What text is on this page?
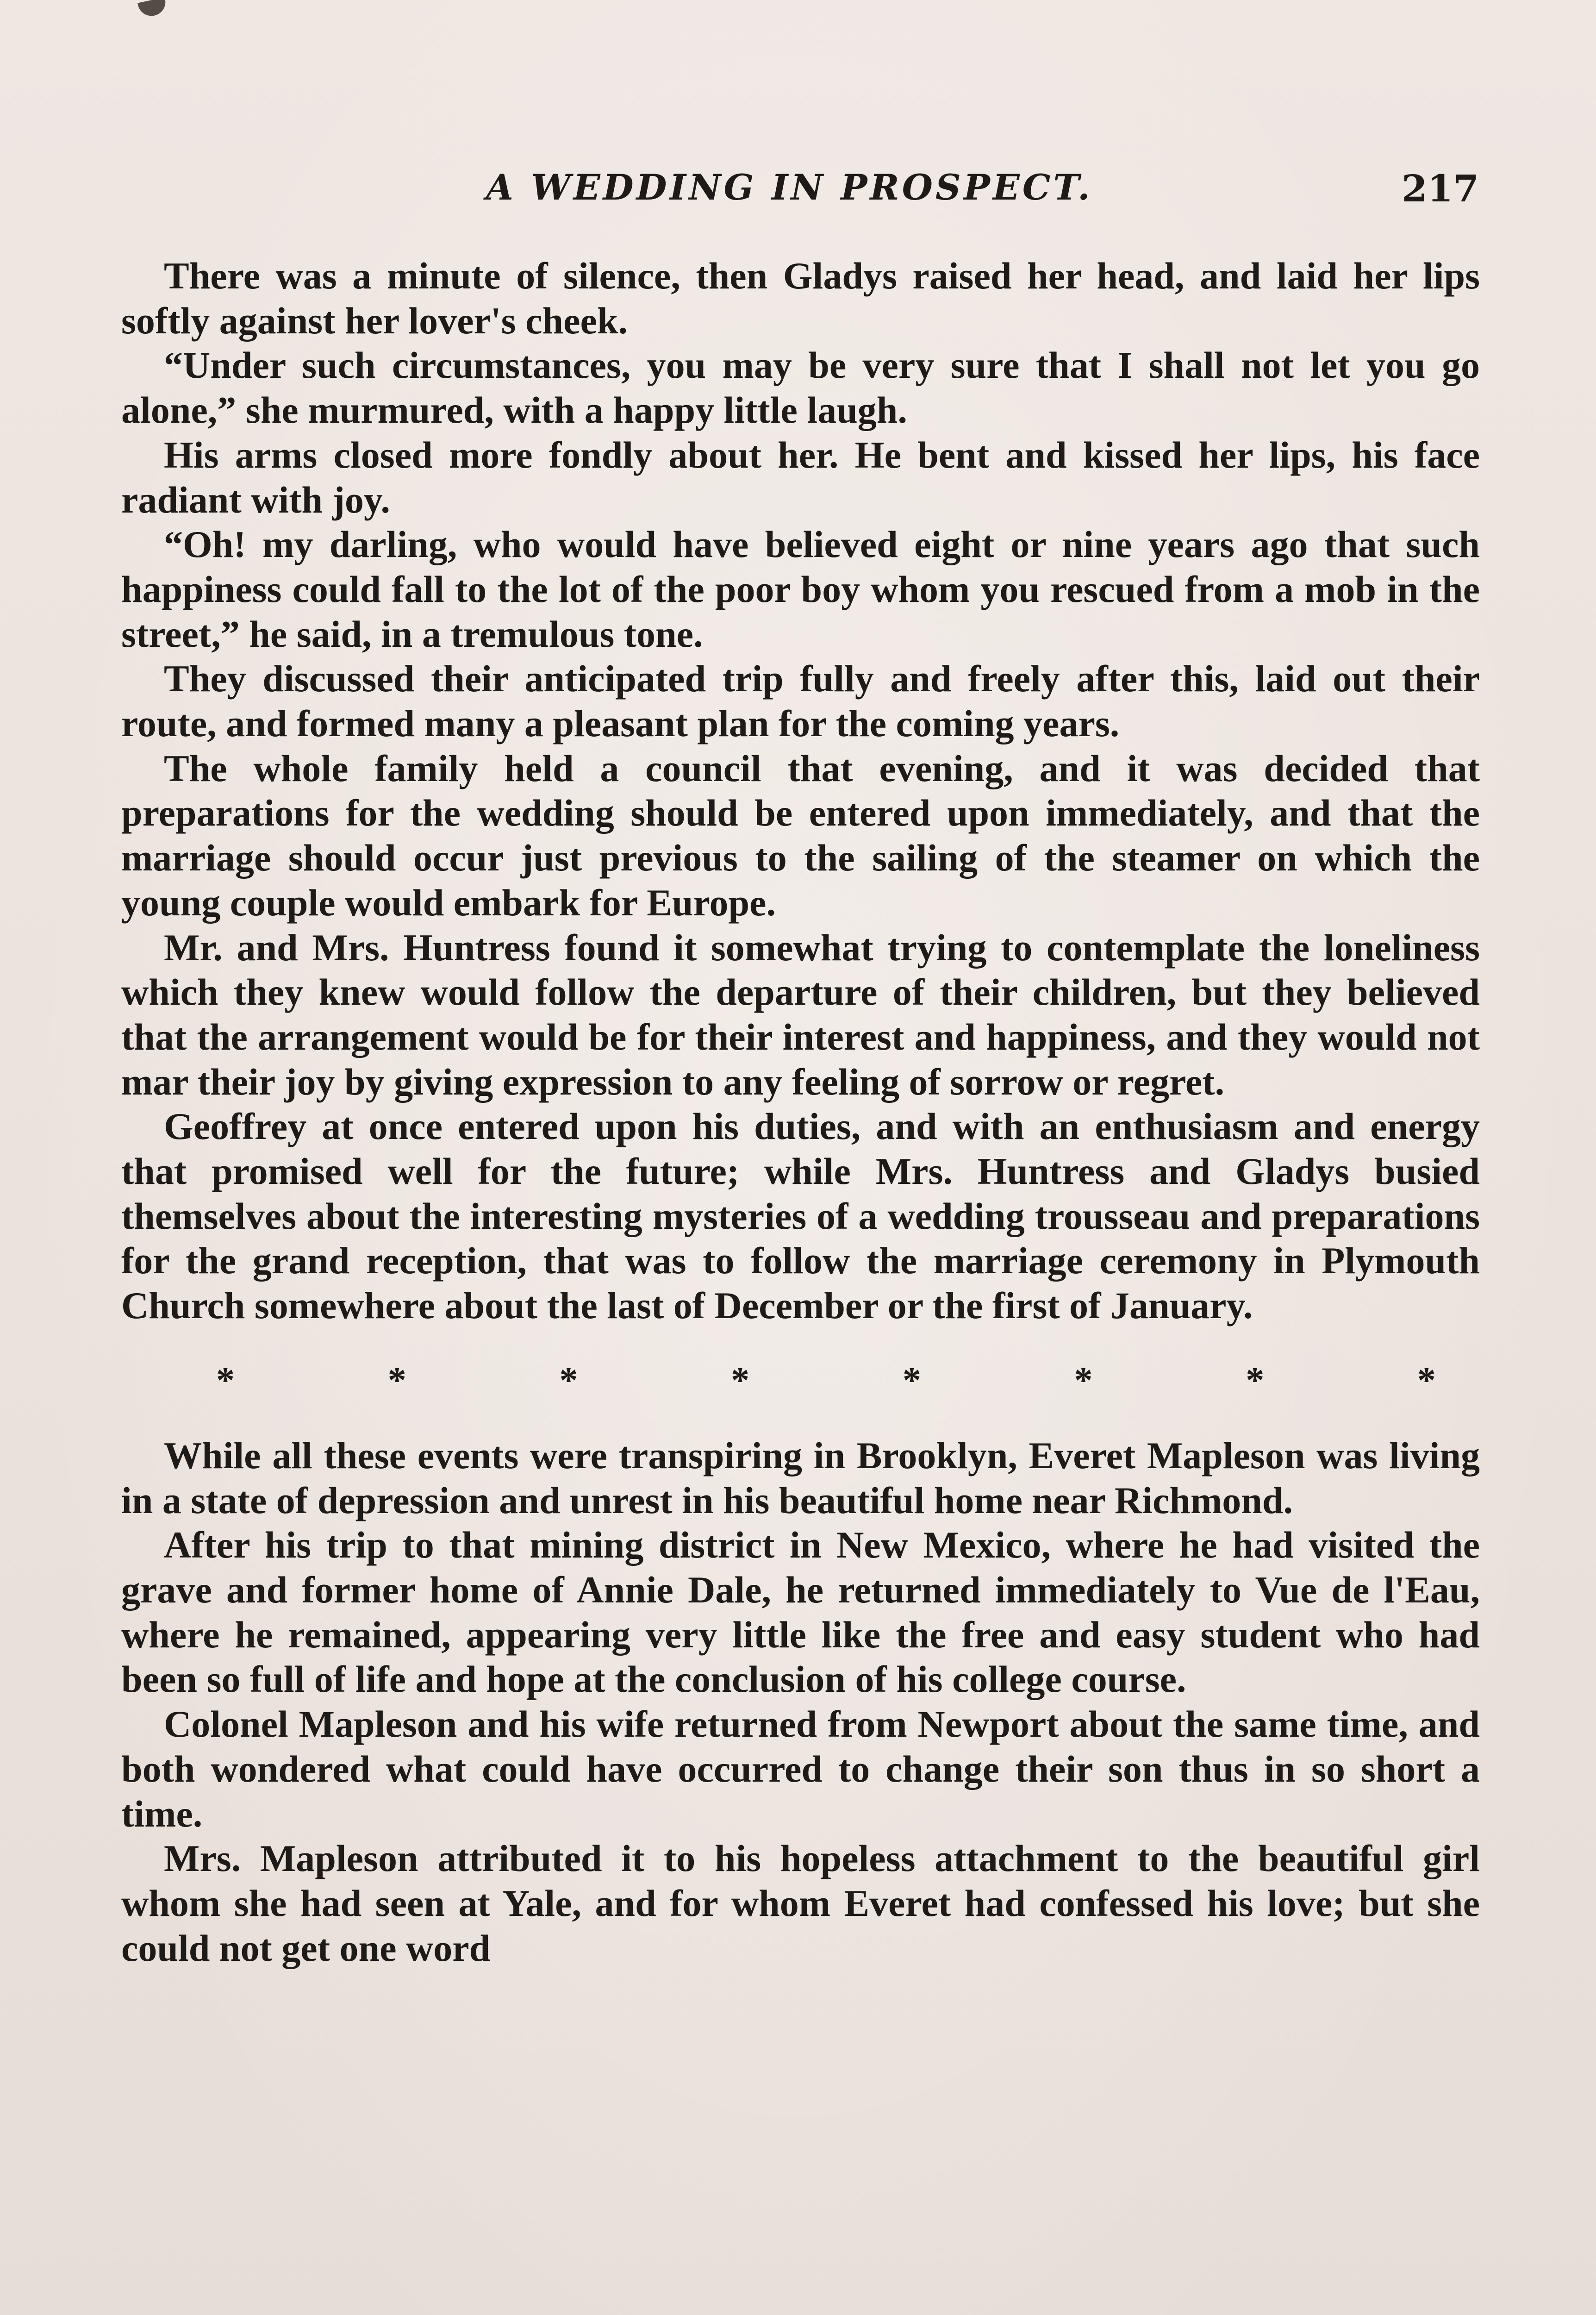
A WEDDING IN PROSPECT.	217

There was a minute of silence, then Gladys raised her head, and laid her lips softly against her lover's cheek.

“Under such circumstances, you may be very sure that I shall not let you go alone,” she murmured, with a happy little laugh.

His arms closed more fondly about her. He bent and kissed her lips, his face radiant with joy.

“Oh! my darling, who would have believed eight or nine years ago that such happiness could fall to the lot of the poor boy whom you rescued from a mob in the street,” he said, in a tremulous tone.

They discussed their anticipated trip fully and freely after this, laid out their route, and formed many a pleasant plan for the coming years.

The whole family held a council that evening, and it was decided that preparations for the wedding should be entered upon immediately, and that the marriage should occur just previous to the sailing of the steamer on which the young couple would embark for Europe.

Mr. and Mrs. Huntress found it somewhat trying to contemplate the loneliness which they knew would follow the departure of their children, but they believed that the arrangement would be for their interest and happiness, and they would not mar their joy by giving expression to any feeling of sorrow or regret.

Geoffrey at once entered upon his duties, and with an enthusiasm and energy that promised well for the future; while Mrs. Huntress and Gladys busied themselves about the interesting mysteries of a wedding trousseau and preparations for the grand reception, that was to follow the marriage ceremony in Plymouth Church somewhere about the last of December or the first of January.

*	*	*	*	*	*	*	*

While all these events were transpiring in Brooklyn, Everet Mapleson was living in a state of depression and unrest in his beautiful home near Richmond.

After his trip to that mining district in New Mexico, where he had visited the grave and former home of Annie Dale, he returned immediately to Vue de l'Eau, where he remained, appearing very little like the free and easy student who had been so full of life and hope at the conclusion of his college course.

Colonel Mapleson and his wife returned from Newport about the same time, and both wondered what could have occurred to change their son thus in so short a time.

Mrs. Mapleson attributed it to his hopeless attachment to the beautiful girl whom she had seen at Yale, and for whom Everet had confessed his love; but she could not get one word
